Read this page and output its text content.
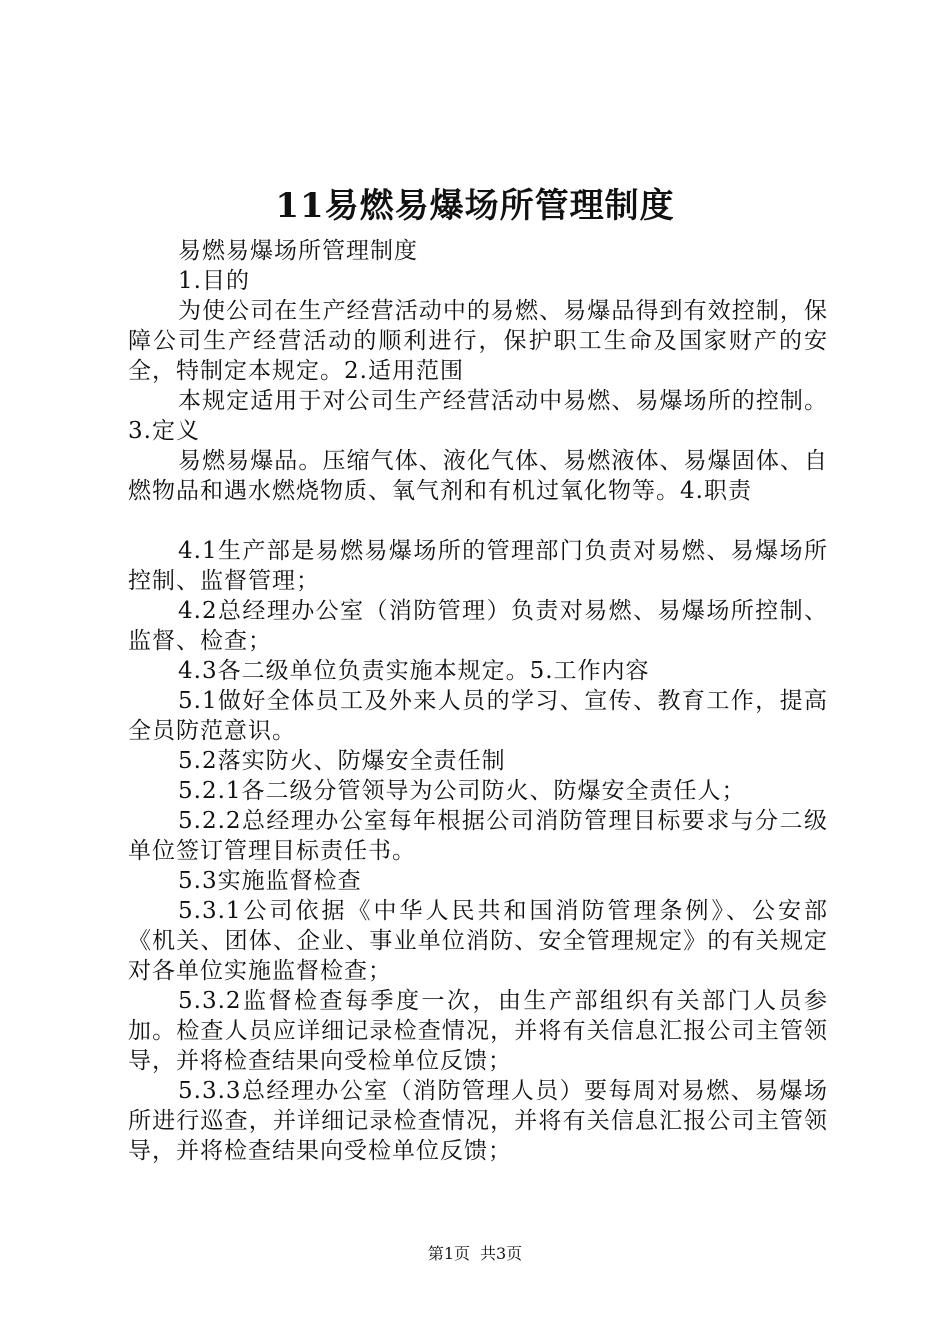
11易燃易爆场所管理制度

易燃易爆场所管理制度

1.目的

为使公司在生产经营活动中的易燃、易爆品得到有效控制，保障公司生产经营活动的顺利进行，保护职工生命及国家财产的安全，特制定本规定。2.适用范围

本规定适用于对公司生产经营活动中易燃、易爆场所的控制。3.定义

易燃易爆品。压缩气体、液化气体、易燃液体、易爆固体、自燃物品和遇水燃烧物质、氧气剂和有机过氧化物等。4.职责

4.1生产部是易燃易爆场所的管理部门负责对易燃、易爆场所控制、监督管理；

4.2总经理办公室（消防管理）负责对易燃、易爆场所控制、监督、检查；

4.3各二级单位负责实施本规定。5.工作内容

5.1做好全体员工及外来人员的学习、宣传、教育工作，提高全员防范意识。

5.2落实防火、防爆安全责任制

5.2.1各二级分管领导为公司防火、防爆安全责任人；

5.2.2总经理办公室每年根据公司消防管理目标要求与分二级单位签订管理目标责任书。

5.3实施监督检查

5.3.1公司依据《中华人民共和国消防管理条例》、公安部《机关、团体、企业、事业单位消防、安全管理规定》的有关规定对各单位实施监督检查；

5.3.2监督检查每季度一次，由生产部组织有关部门人员参加。检查人员应详细记录检查情况，并将有关信息汇报公司主管领导，并将检查结果向受检单位反馈；

5.3.3总经理办公室（消防管理人员）要每周对易燃、易爆场所进行巡查，并详细记录检查情况，并将有关信息汇报公司主管领导，并将检查结果向受检单位反馈；

第1页 共3页
